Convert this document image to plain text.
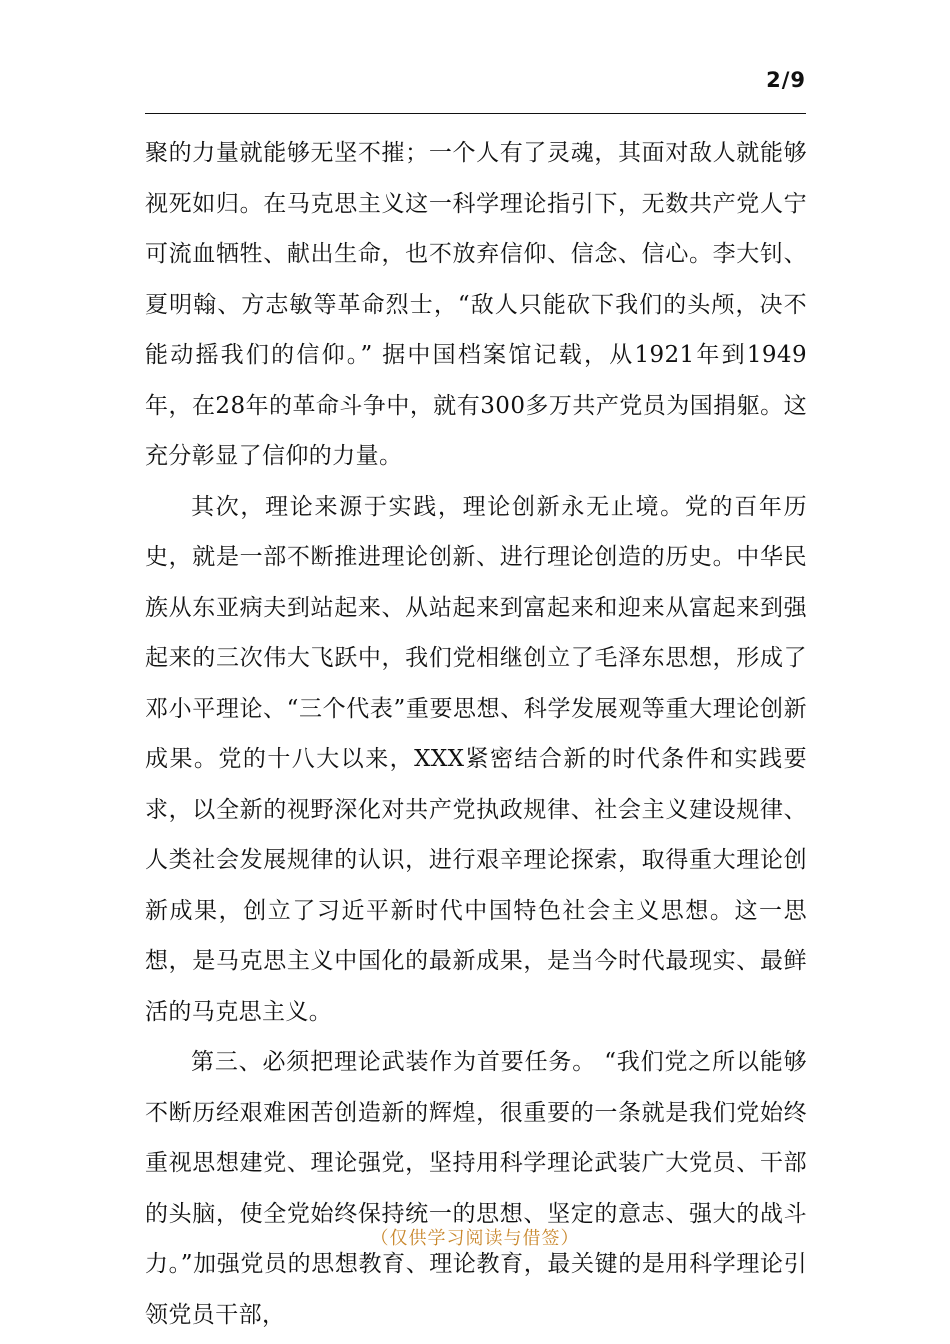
2/9

聚的力量就能够无坚不摧；一个人有了灵魂，其面对敌人就能够视死如归。在马克思主义这一科学理论指引下，无数共产党人宁可流血牺牲、献出生命，也不放弃信仰、信念、信心。李大钊、夏明翰、方志敏等革命烈士，“敌人只能砍下我们的头颅，决不能动摇我们的信仰。” 据中国档案馆记载，从1921年到1949年，在28年的革命斗争中，就有300多万共产党员为国捐躯。这充分彰显了信仰的力量。

其次，理论来源于实践，理论创新永无止境。党的百年历史，就是一部不断推进理论创新、进行理论创造的历史。中华民族从东亚病夫到站起来、从站起来到富起来和迎来从富起来到强起来的三次伟大飞跃中，我们党相继创立了毛泽东思想，形成了邓小平理论、“三个代表”重要思想、科学发展观等重大理论创新成果。党的十八大以来，XXX紧密结合新的时代条件和实践要求，以全新的视野深化对共产党执政规律、社会主义建设规律、人类社会发展规律的认识，进行艰辛理论探索，取得重大理论创新成果，创立了习近平新时代中国特色社会主义思想。这一思想，是马克思主义中国化的最新成果，是当今时代最现实、最鲜活的马克思主义。

第三、必须把理论武装作为首要任务。 “我们党之所以能够不断历经艰难困苦创造新的辉煌，很重要的一条就是我们党始终重视思想建党、理论强党，坚持用科学理论武装广大党员、干部的头脑，使全党始终保持统一的思想、坚定的意志、强大的战斗力。”加强党员的思想教育、理论教育，最关键的是用科学理论引领党员干部，

（仅供学习阅读与借签）
